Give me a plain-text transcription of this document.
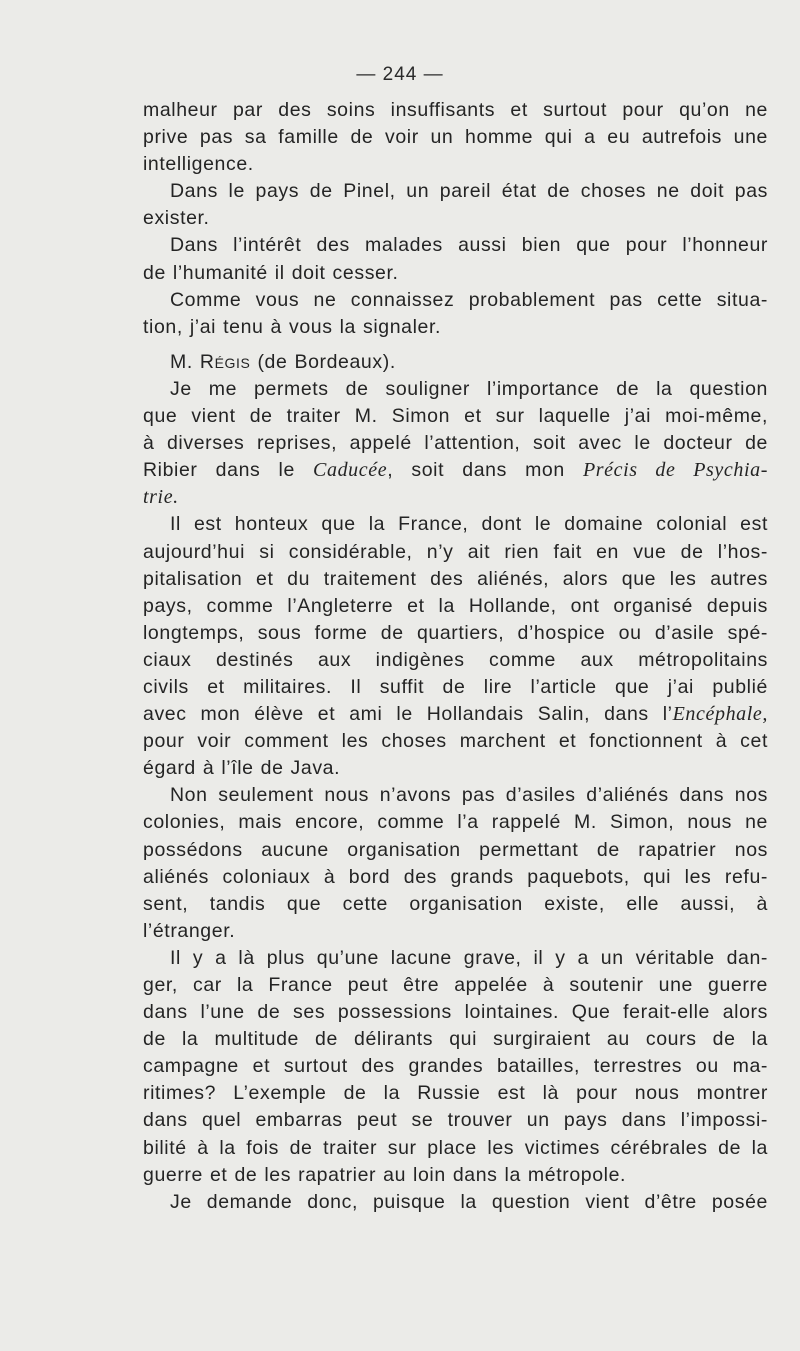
— 244 —

malheur par des soins insuffisants et surtout pour qu’on ne
prive pas sa famille de voir un homme qui a eu autrefois une
intelligence.

Dans le pays de Pinel, un pareil état de choses ne doit pas
exister.

Dans l’intérêt des malades aussi bien que pour l’honneur
de l’humanité il doit cesser.

Comme vous ne connaissez probablement pas cette situa-
tion, j’ai tenu à vous la signaler.

M. Régis (de Bordeaux).

Je me permets de souligner l’importance de la question
que vient de traiter M. Simon et sur laquelle j’ai moi-même,
à diverses reprises, appelé l’attention, soit avec le docteur de
Ribier dans le Caducée, soit dans mon Précis de Psychia-
trie.

Il est honteux que la France, dont le domaine colonial est
aujourd’hui si considérable, n’y ait rien fait en vue de l’hos-
pitalisation et du traitement des aliénés, alors que les autres
pays, comme l’Angleterre et la Hollande, ont organisé depuis
longtemps, sous forme de quartiers, d’hospice ou d’asile spé-
ciaux destinés aux indigènes comme aux métropolitains
civils et militaires. Il suffit de lire l’article que j’ai publié
avec mon élève et ami le Hollandais Salin, dans l’Encéphale,
pour voir comment les choses marchent et fonctionnent à cet
égard à l’île de Java.

Non seulement nous n’avons pas d’asiles d’aliénés dans nos
colonies, mais encore, comme l’a rappelé M. Simon, nous ne
possédons aucune organisation permettant de rapatrier nos
aliénés coloniaux à bord des grands paquebots, qui les refu-
sent, tandis que cette organisation existe, elle aussi, à
l’étranger.

Il y a là plus qu’une lacune grave, il y a un véritable dan-
ger, car la France peut être appelée à soutenir une guerre
dans l’une de ses possessions lointaines. Que ferait-elle alors
de la multitude de délirants qui surgiraient au cours de la
campagne et surtout des grandes batailles, terrestres ou ma-
ritimes? L’exemple de la Russie est là pour nous montrer
dans quel embarras peut se trouver un pays dans l’impossi-
bilité à la fois de traiter sur place les victimes cérébrales de la
guerre et de les rapatrier au loin dans la métropole.

Je demande donc, puisque la question vient d’être posée
